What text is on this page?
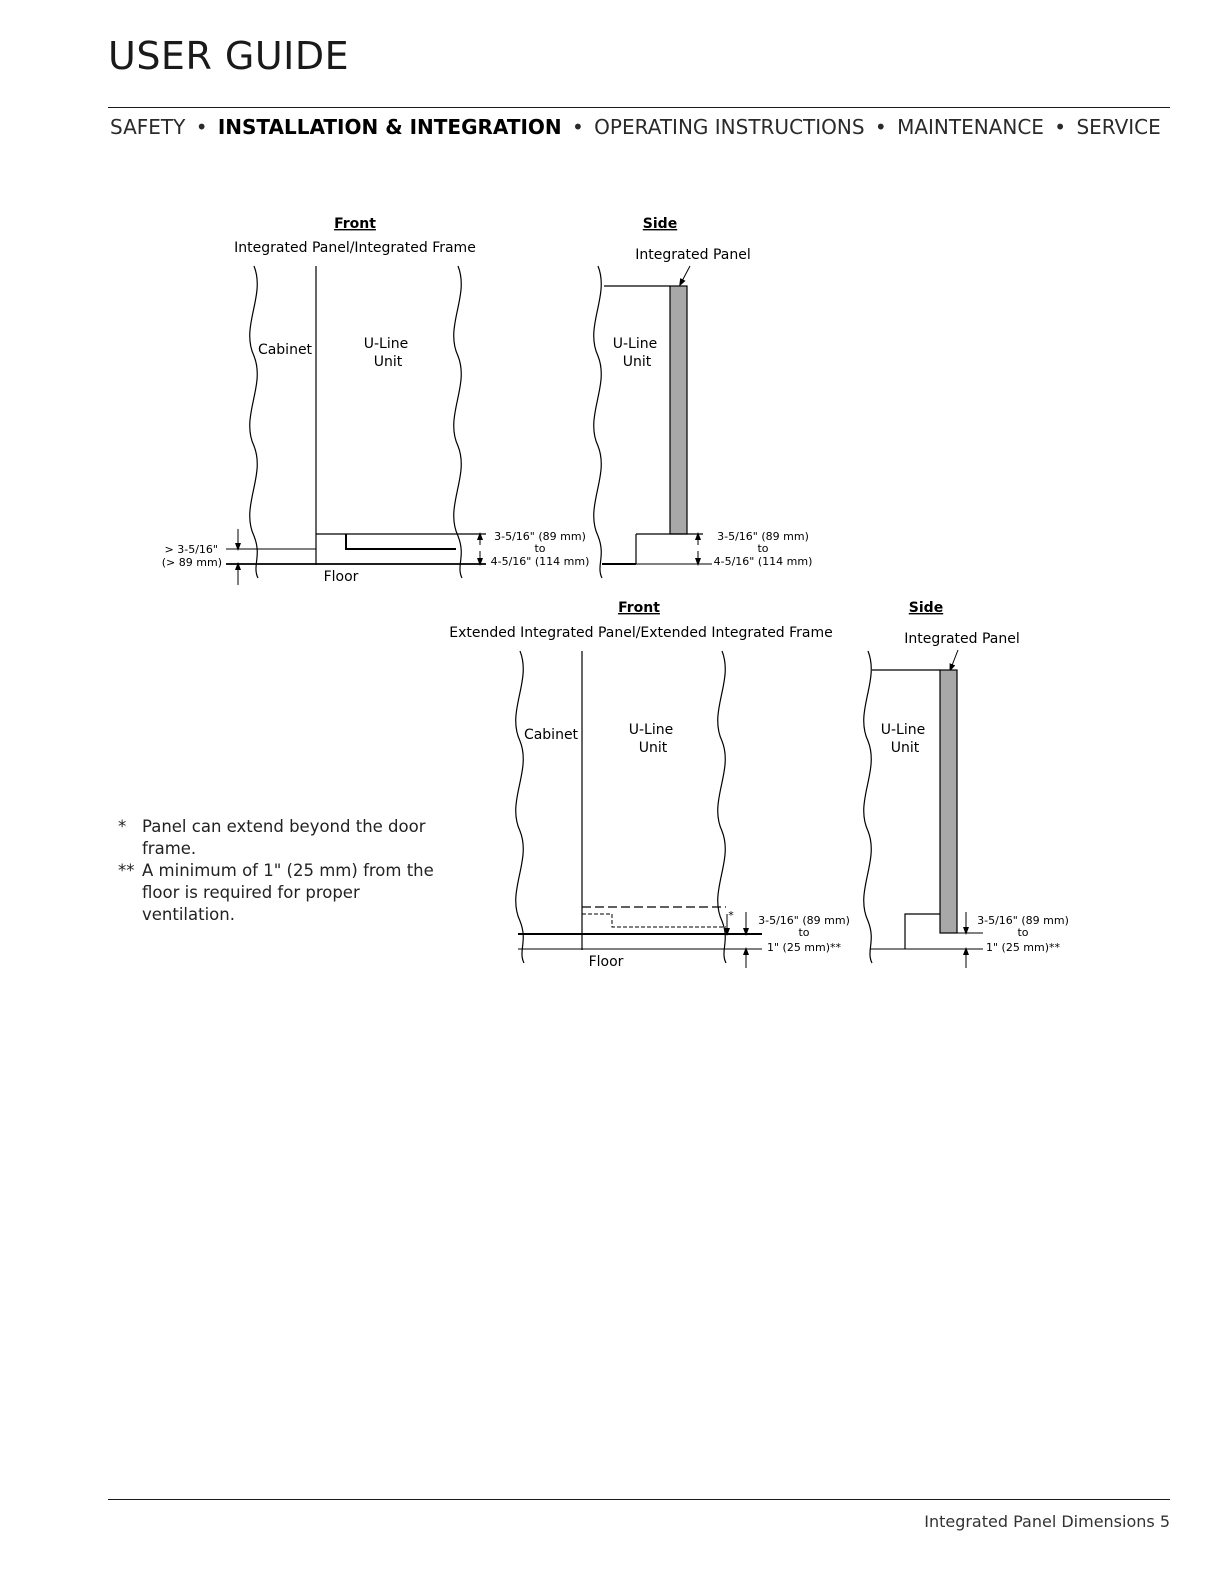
USER GUIDE
SAFETY • INSTALLATION & INTEGRATION • OPERATING INSTRUCTIONS • MAINTENANCE • SERVICE
Front
Integrated Panel/Integrated Frame
Cabinet	U-Line
Unit
Floor
> 3-5/16"
(> 89 mm)
3-5/16" (89 mm)
to
4-5/16" (114 mm)
Side
Integrated Panel
U-Line
Unit
3-5/16" (89 mm)
to
4-5/16" (114 mm)
Front
Extended Integrated Panel/Extended Integrated Frame
Cabinet	U-Line
Unit
Floor
* 3-5/16" (89 mm)
to
1" (25 mm)**
Side
Integrated Panel
U-Line
Unit
3-5/16" (89 mm)
to
1" (25 mm)**
* Panel can extend beyond the door frame.
** A minimum of 1" (25 mm) from the floor is required for proper ventilation.
Integrated Panel Dimensions 5
